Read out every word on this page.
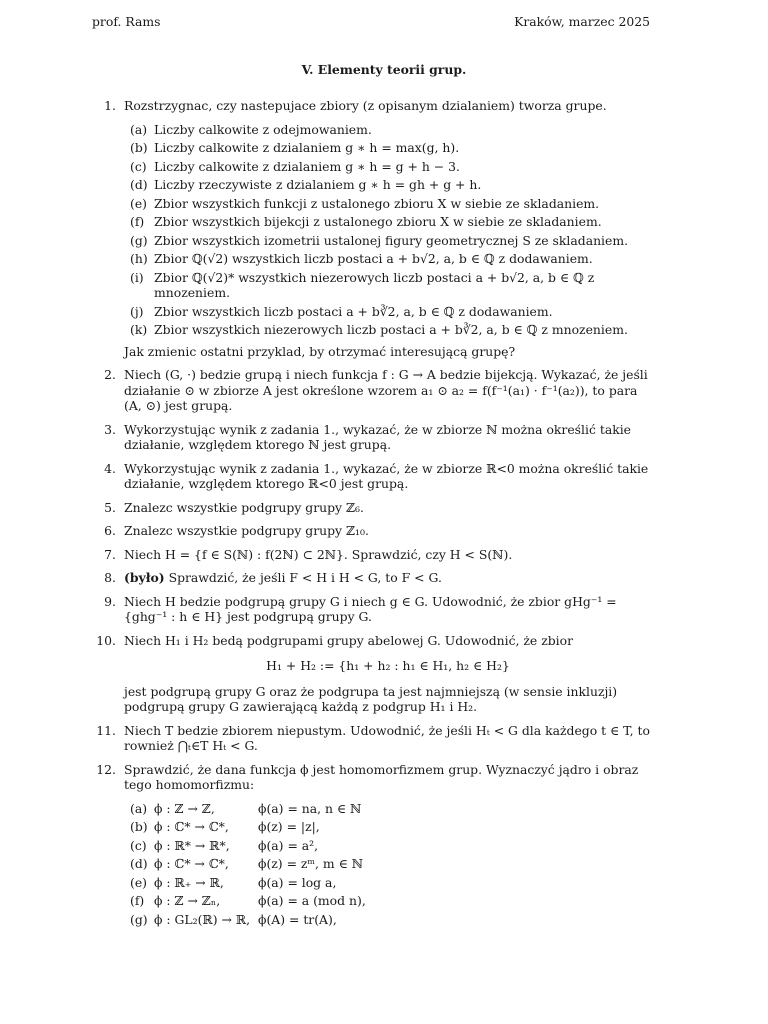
prof. Rams	Kraków, marzec 2025
V. Elementy teorii grup.
1. Rozstrzygnac, czy nastepujace zbiory (z opisanym dzialaniem) tworza grupe.
(a) Liczby calkowite z odejmowaniem.
(b) Liczby calkowite z dzialaniem g ∗ h = max(g, h).
(c) Liczby calkowite z dzialaniem g ∗ h = g + h − 3.
(d) Liczby rzeczywiste z dzialaniem g ∗ h = gh + g + h.
(e) Zbior wszystkich funkcji z ustalonego zbioru X w siebie ze skladaniem.
(f) Zbior wszystkich bijekcji z ustalonego zbioru X w siebie ze skladaniem.
(g) Zbior wszystkich izometrii ustalonej figury geometrycznej S ze skladaniem.
(h) Zbior ℚ(√2) wszystkich liczb postaci a + b√2, a, b ∈ ℚ z dodawaniem.
(i) Zbior ℚ(√2)* wszystkich niezerowych liczb postaci a + b√2, a, b ∈ ℚ z mnozeniem.
(j) Zbior wszystkich liczb postaci a + b∛2, a, b ∈ ℚ z dodawaniem.
(k) Zbior wszystkich niezerowych liczb postaci a + b∛2, a, b ∈ ℚ z mnozeniem.
Jak zmienic ostatni przyklad, by otrzymać interesującą grupę?
2. Niech (G, ·) bedzie grupą i niech funkcja f : G → A bedzie bijekcją. Wykazać, że jeśli działanie ⊙ w zbiorze A jest określone wzorem a₁ ⊙ a₂ = f(f⁻¹(a₁) · f⁻¹(a₂)), to para (A, ⊙) jest grupą.
3. Wykorzystując wynik z zadania 1., wykazać, że w zbiorze ℕ można określić takie działanie, względem ktorego ℕ jest grupą.
4. Wykorzystując wynik z zadania 1., wykazać, że w zbiorze ℝ<0 można określić takie działanie, względem ktorego ℝ<0 jest grupą.
5. Znalezc wszystkie podgrupy grupy ℤ₆.
6. Znalezc wszystkie podgrupy grupy ℤ₁₀.
7. Niech H = {f ∈ S(ℕ) : f(2ℕ) ⊂ 2ℕ}. Sprawdzić, czy H < S(ℕ).
8. (było) Sprawdzić, że jeśli F < H i H < G, to F < G.
9. Niech H bedzie podgrupą grupy G i niech g ∈ G. Udowodnić, że zbior gHg⁻¹ = {ghg⁻¹ : h ∈ H} jest podgrupą grupy G.
10. Niech H₁ i H₂ bedą podgrupami grupy abelowej G. Udowodnić, że zbior
H₁ + H₂ := {h₁ + h₂ : h₁ ∈ H₁, h₂ ∈ H₂}
jest podgrupą grupy G oraz że podgrupa ta jest najmniejszą (w sensie inkluzji) podgrupą grupy G zawierającą każdą z podgrup H₁ i H₂.
11. Niech T bedzie zbiorem niepustym. Udowodnić, że jeśli Hₜ < G dla każdego t ∈ T, to rownież ⋂ₜ∈T Hₜ < G.
12. Sprawdzić, że dana funkcja ϕ jest homomorfizmem grup. Wyznaczyć jądro i obraz tego homomorfizmu:
(a) ϕ : ℤ → ℤ,	ϕ(a) = na, n ∈ ℕ
(b) ϕ : ℂ* → ℂ*,	ϕ(z) = |z|,
(c) ϕ : ℝ* → ℝ*,	ϕ(a) = a²,
(d) ϕ : ℂ* → ℂ*,	ϕ(z) = zᵐ, m ∈ ℕ
(e) ϕ : ℝ₊ → ℝ,	ϕ(a) = log a,
(f) ϕ : ℤ → ℤₙ,	ϕ(a) = a (mod n),
(g) ϕ : GL₂(ℝ) → ℝ, ϕ(A) = tr(A),
